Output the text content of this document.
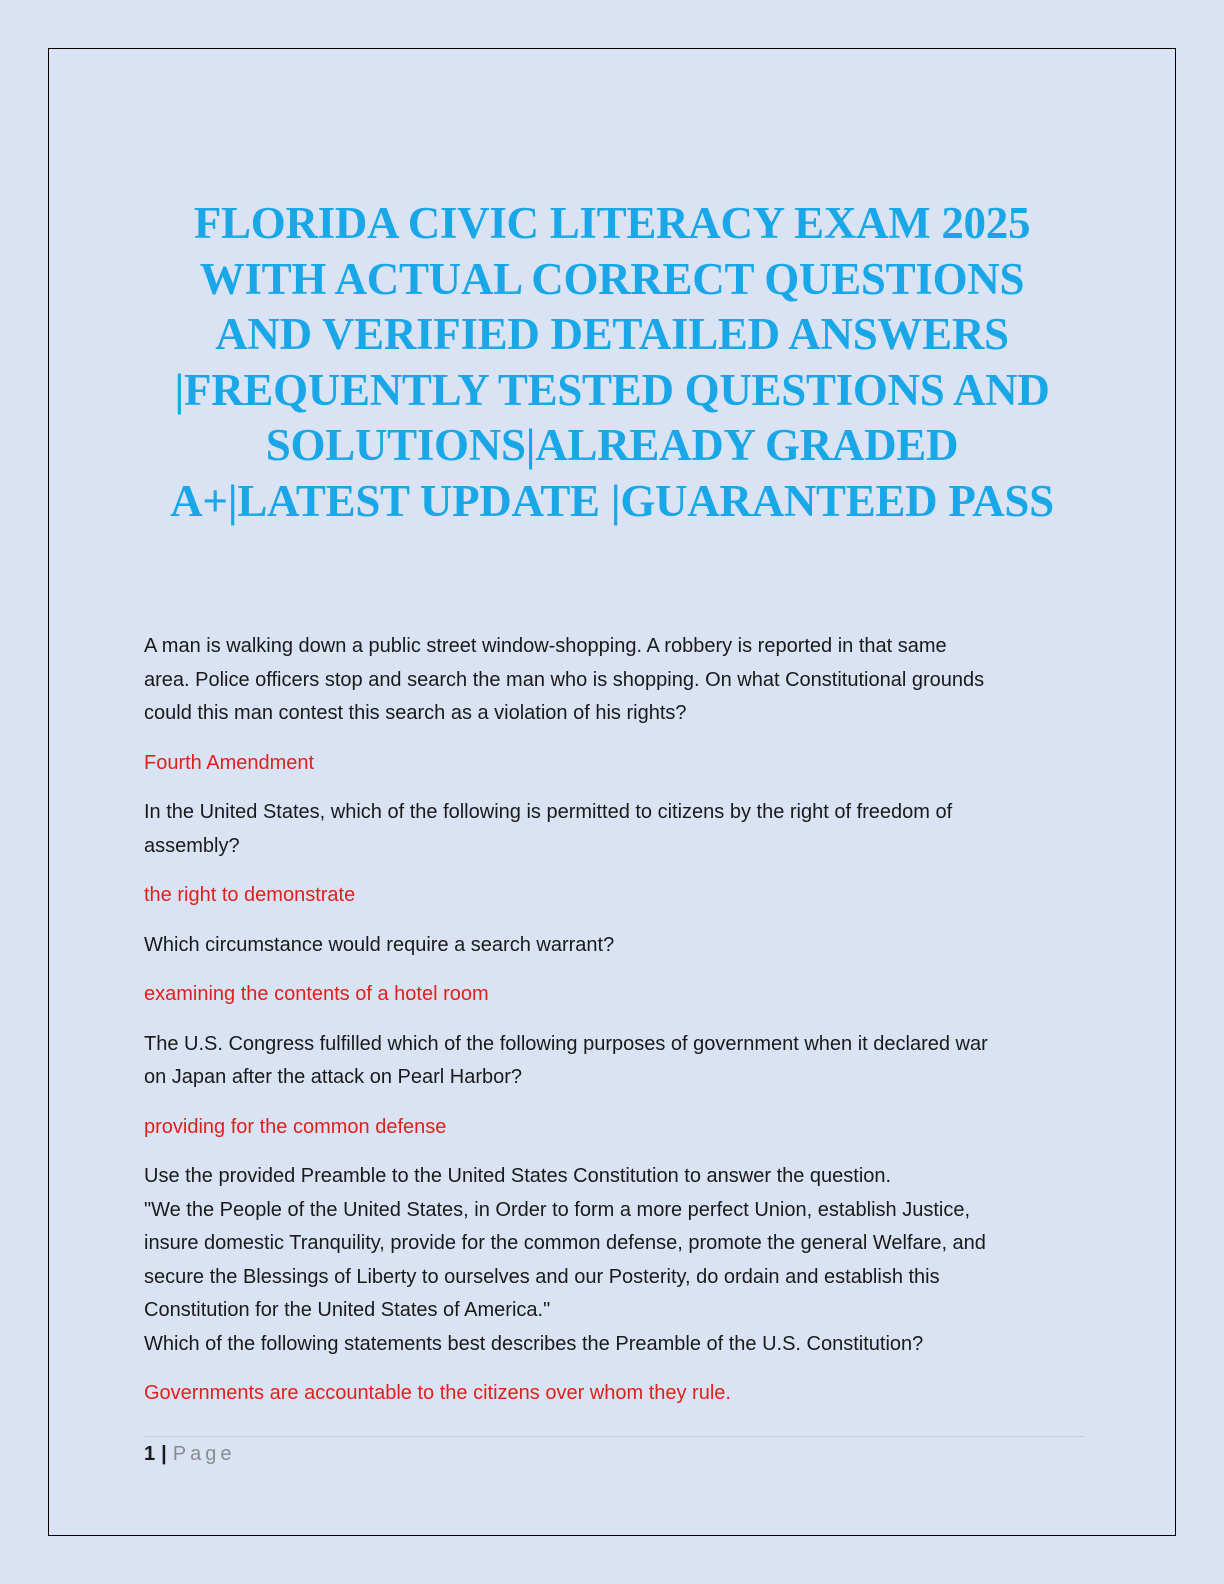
FLORIDA CIVIC LITERACY EXAM 2025
WITH ACTUAL CORRECT QUESTIONS
AND VERIFIED DETAILED ANSWERS
|FREQUENTLY TESTED QUESTIONS AND
SOLUTIONS|ALREADY GRADED
A+|LATEST UPDATE |GUARANTEED PASS

A man is walking down a public street window-shopping. A robbery is reported in that same
area. Police officers stop and search the man who is shopping. On what Constitutional grounds
could this man contest this search as a violation of his rights?

Fourth Amendment

In the United States, which of the following is permitted to citizens by the right of freedom of
assembly?

the right to demonstrate

Which circumstance would require a search warrant?

examining the contents of a hotel room

The U.S. Congress fulfilled which of the following purposes of government when it declared war
on Japan after the attack on Pearl Harbor?

providing for the common defense

Use the provided Preamble to the United States Constitution to answer the question.
"We the People of the United States, in Order to form a more perfect Union, establish Justice,
insure domestic Tranquility, provide for the common defense, promote the general Welfare, and
secure the Blessings of Liberty to ourselves and our Posterity, do ordain and establish this
Constitution for the United States of America."
Which of the following statements best describes the Preamble of the U.S. Constitution?

Governments are accountable to the citizens over whom they rule.

1 | Page
